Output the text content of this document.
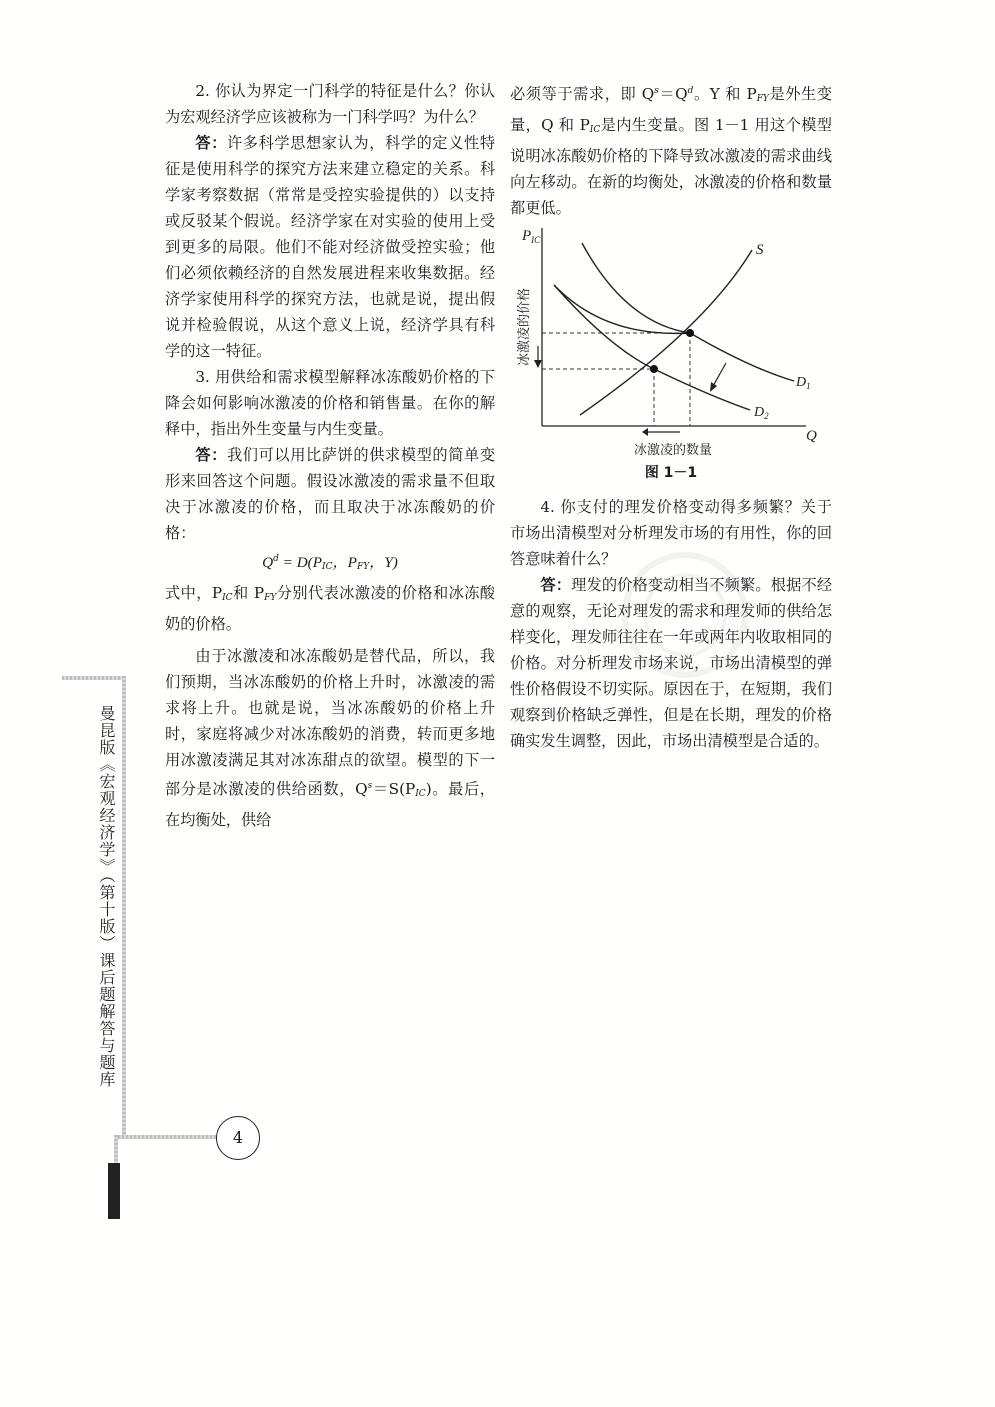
2. 你认为界定一门科学的特征是什么？你认为宏观经济学应该被称为一门科学吗？为什么？

答：许多科学思想家认为，科学的定义性特征是使用科学的探究方法来建立稳定的关系。科学家考察数据（常常是受控实验提供的）以支持或反驳某个假说。经济学家在对实验的使用上受到更多的局限。他们不能对经济做受控实验；他们必须依赖经济的自然发展进程来收集数据。经济学家使用科学的探究方法，也就是说，提出假说并检验假说，从这个意义上说，经济学具有科学的这一特征。

3. 用供给和需求模型解释冰冻酸奶价格的下降会如何影响冰激凌的价格和销售量。在你的解释中，指出外生变量与内生变量。

答：我们可以用比萨饼的供求模型的简单变形来回答这个问题。假设冰激凌的需求量不但取决于冰激凌的价格，而且取决于冰冻酸奶的价格：

$Q^d = D(P_{IC}$，$P_{FY}$，Y)

式中，$P_{IC}$和 $P_{FY}$分别代表冰激凌的价格和冰冻酸奶的价格。

由于冰激凌和冰冻酸奶是替代品，所以，我们预期，当冰冻酸奶的价格上升时，冰激凌的需求将上升。也就是说，当冰冻酸奶的价格上升时，家庭将减少对冰冻酸奶的消费，转而更多地用冰激凌满足其对冰冻甜点的欲望。模型的下一部分是冰激凌的供给函数，$Q^s=S(P_{IC})$。最后，在均衡处，供给

必须等于需求，即 $Q^s=Q^d$。Y 和 $P_{FY}$是外生变量，Q 和 $P_{IC}$是内生变量。图 1－1 用这个模型说明冰冻酸奶价格的下降导致冰激凌的需求曲线向左移动。在新的均衡处，冰激凌的价格和数量都更低。

$P_{IC}$
Q
S
$D_1$
$D_2$
冰激凌的价格
冰激凌的数量
图 1－1

4. 你支付的理发价格变动得多频繁？关于市场出清模型对分析理发市场的有用性，你的回答意味着什么？

答：理发的价格变动相当不频繁。根据不经意的观察，无论对理发的需求和理发师的供给怎样变化，理发师往往在一年或两年内收取相同的价格。对分析理发市场来说，市场出清模型的弹性价格假设不切实际。原因在于，在短期，我们观察到价格缺乏弹性，但是在长期，理发的价格确实发生调整，因此，市场出清模型是合适的。

曼昆版《宏观经济学》（第十版）课后题解答与题库
4
